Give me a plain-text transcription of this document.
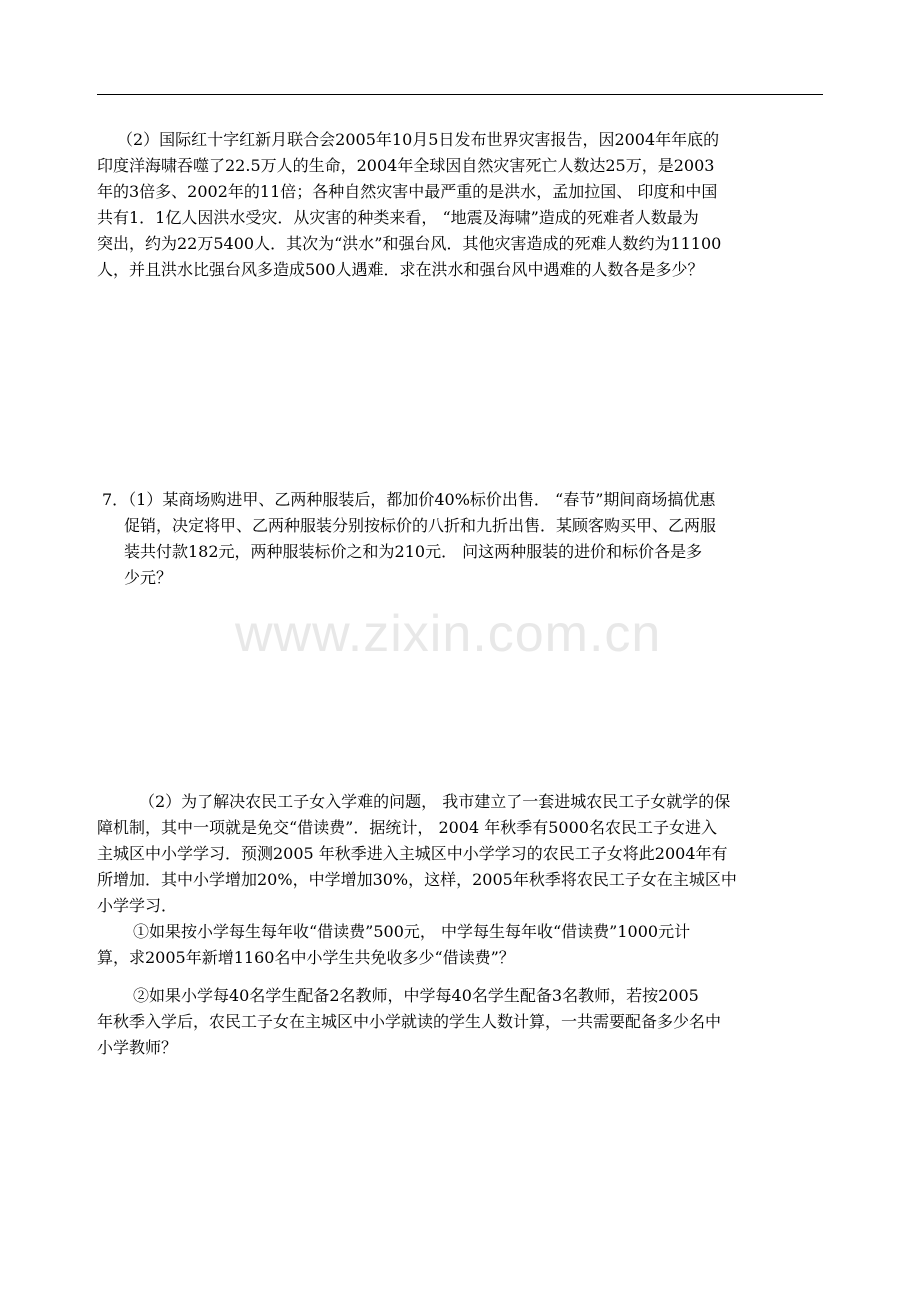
（2）国际红十字红新月联合会2005年10月5日发布世界灾害报告，因2004年年底的
印度洋海啸吞噬了22.5万人的生命，2004年全球因自然灾害死亡人数达25万，是2003
年的3倍多、2002年的11倍；各种自然灾害中最严重的是洪水，孟加拉国、 印度和中国
共有1．1亿人因洪水受灾．从灾害的种类来看， “地震及海啸”造成的死难者人数最为
突出，约为22万5400人．其次为“洪水”和强台风．其他灾害造成的死难人数约为11100
人，并且洪水比强台风多造成500人遇难．求在洪水和强台风中遇难的人数各是多少？
7．（1）某商场购进甲、乙两种服装后，都加价40%标价出售． “春节”期间商场搞优惠
促销，决定将甲、乙两种服装分别按标价的八折和九折出售．某顾客购买甲、乙两服
装共付款182元，两种服装标价之和为210元． 问这两种服装的进价和标价各是多
少元？
www.zixin.com.cn
（2）为了解决农民工子女入学难的问题， 我市建立了一套进城农民工子女就学的保
障机制，其中一项就是免交“借读费”．据统计， 2004 年秋季有5000名农民工子女进入
主城区中小学学习．预测2005 年秋季进入主城区中小学学习的农民工子女将此2004年有
所增加．其中小学增加20%，中学增加30%，这样，2005年秋季将农民工子女在主城区中
小学学习．
①如果按小学每生每年收“借读费”500元， 中学每生每年收“借读费”1000元计
算，求2005年新增1160名中小学生共免收多少“借读费”？
②如果小学每40名学生配备2名教师，中学每40名学生配备3名教师，若按2005
年秋季入学后，农民工子女在主城区中小学就读的学生人数计算，一共需要配备多少名中
小学教师？
